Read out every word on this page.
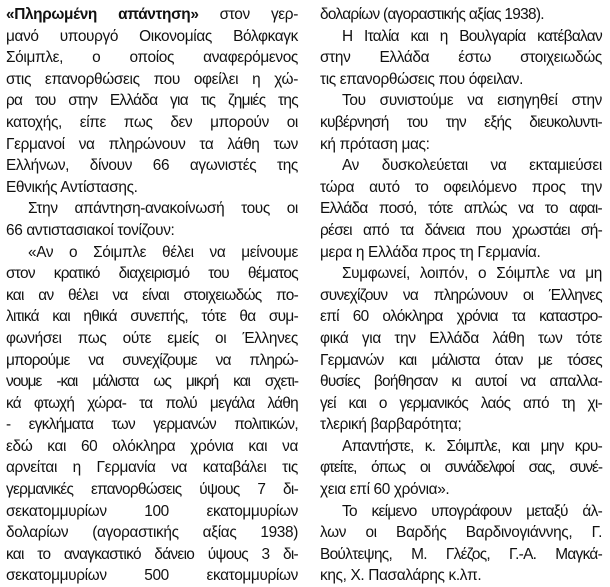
«Πληρωμένη απάντηση» στον γερ-
μανό υπουργό Οικονομίας Βόλφκαγκ
Σόιμπλε, ο οποίος αναφερόμενος
στις επανορθώσεις που οφείλει η χώ-
ρα του στην Ελλάδα για τις ζημιές της
κατοχής, είπε πως δεν μπορούν οι
Γερμανοί να πληρώνουν τα λάθη των
Ελλήνων, δίνουν 66 αγωνιστές της
Εθνικής Αντίστασης.
Στην απάντηση-ανακοίνωσή τους οι
66 αντιστασιακοί τονίζουν:
«Αν ο Σόιμπλε θέλει να μείνουμε
στον κρατικό διαχειρισμό του θέματος
και αν θέλει να είναι στοιχειωδώς πο-
λιτικά και ηθικά συνεπής, τότε θα συμ-
φωνήσει πως ούτε εμείς οι Έλληνες
μπορούμε να συνεχίζουμε να πληρώ-
νουμε -και μάλιστα ως μικρή και σχετι-
κά φτωχή χώρα- τα πολύ μεγάλα λάθη
- εγκλήματα των γερμανών πολιτικών,
εδώ και 60 ολόκληρα χρόνια και να
αρνείται η Γερμανία να καταβάλει τις
γερμανικές επανορθώσεις ύψους 7 δι-
σεκατομμυρίων 100 εκατομμυρίων
δολαρίων (αγοραστικής αξίας 1938)
και το αναγκαστικό δάνειο ύψους 3 δι-
σεκατομμυρίων 500 εκατομμυρίων
δολαρίων (αγοραστικής αξίας 1938).
Η Ιταλία και η Βουλγαρία κατέβαλαν
στην Ελλάδα έστω στοιχειωδώς
τις επανορθώσεις που όφειλαν.
Του συνιστούμε να εισηγηθεί στην
κυβέρνησή του την εξής διευκολυντι-
κή πρόταση μας:
Αν δυσκολεύεται να εκταμιεύσει
τώρα αυτό το οφειλόμενο προς την
Ελλάδα ποσό, τότε απλώς να το αφαι-
ρέσει από τα δάνεια που χρωστάει σή-
μερα η Ελλάδα προς τη Γερμανία.
Συμφωνεί, λοιπόν, ο Σόιμπλε να μη
συνεχίζουν να πληρώνουν οι Έλληνες
επί 60 ολόκληρα χρόνια τα καταστρο-
φικά για την Ελλάδα λάθη των τότε
Γερμανών και μάλιστα όταν με τόσες
θυσίες βοήθησαν κι αυτοί να απαλλα-
γεί και ο γερμανικός λαός από τη χι-
τλερική βαρβαρότητα;
Απαντήστε, κ. Σόιμπλε, και μην κρυ-
φτείτε, όπως οι συνάδελφοί σας, συνέ-
χεια επί 60 χρόνια».
Το κείμενο υπογράφουν μεταξύ άλ-
λων οι Βαρδής Βαρδινογιάννης, Γ.
Βούλτεψης, Μ. Γλέζος, Γ.-Α. Μαγκά-
κης, Χ. Πασαλάρης κ.λπ.
